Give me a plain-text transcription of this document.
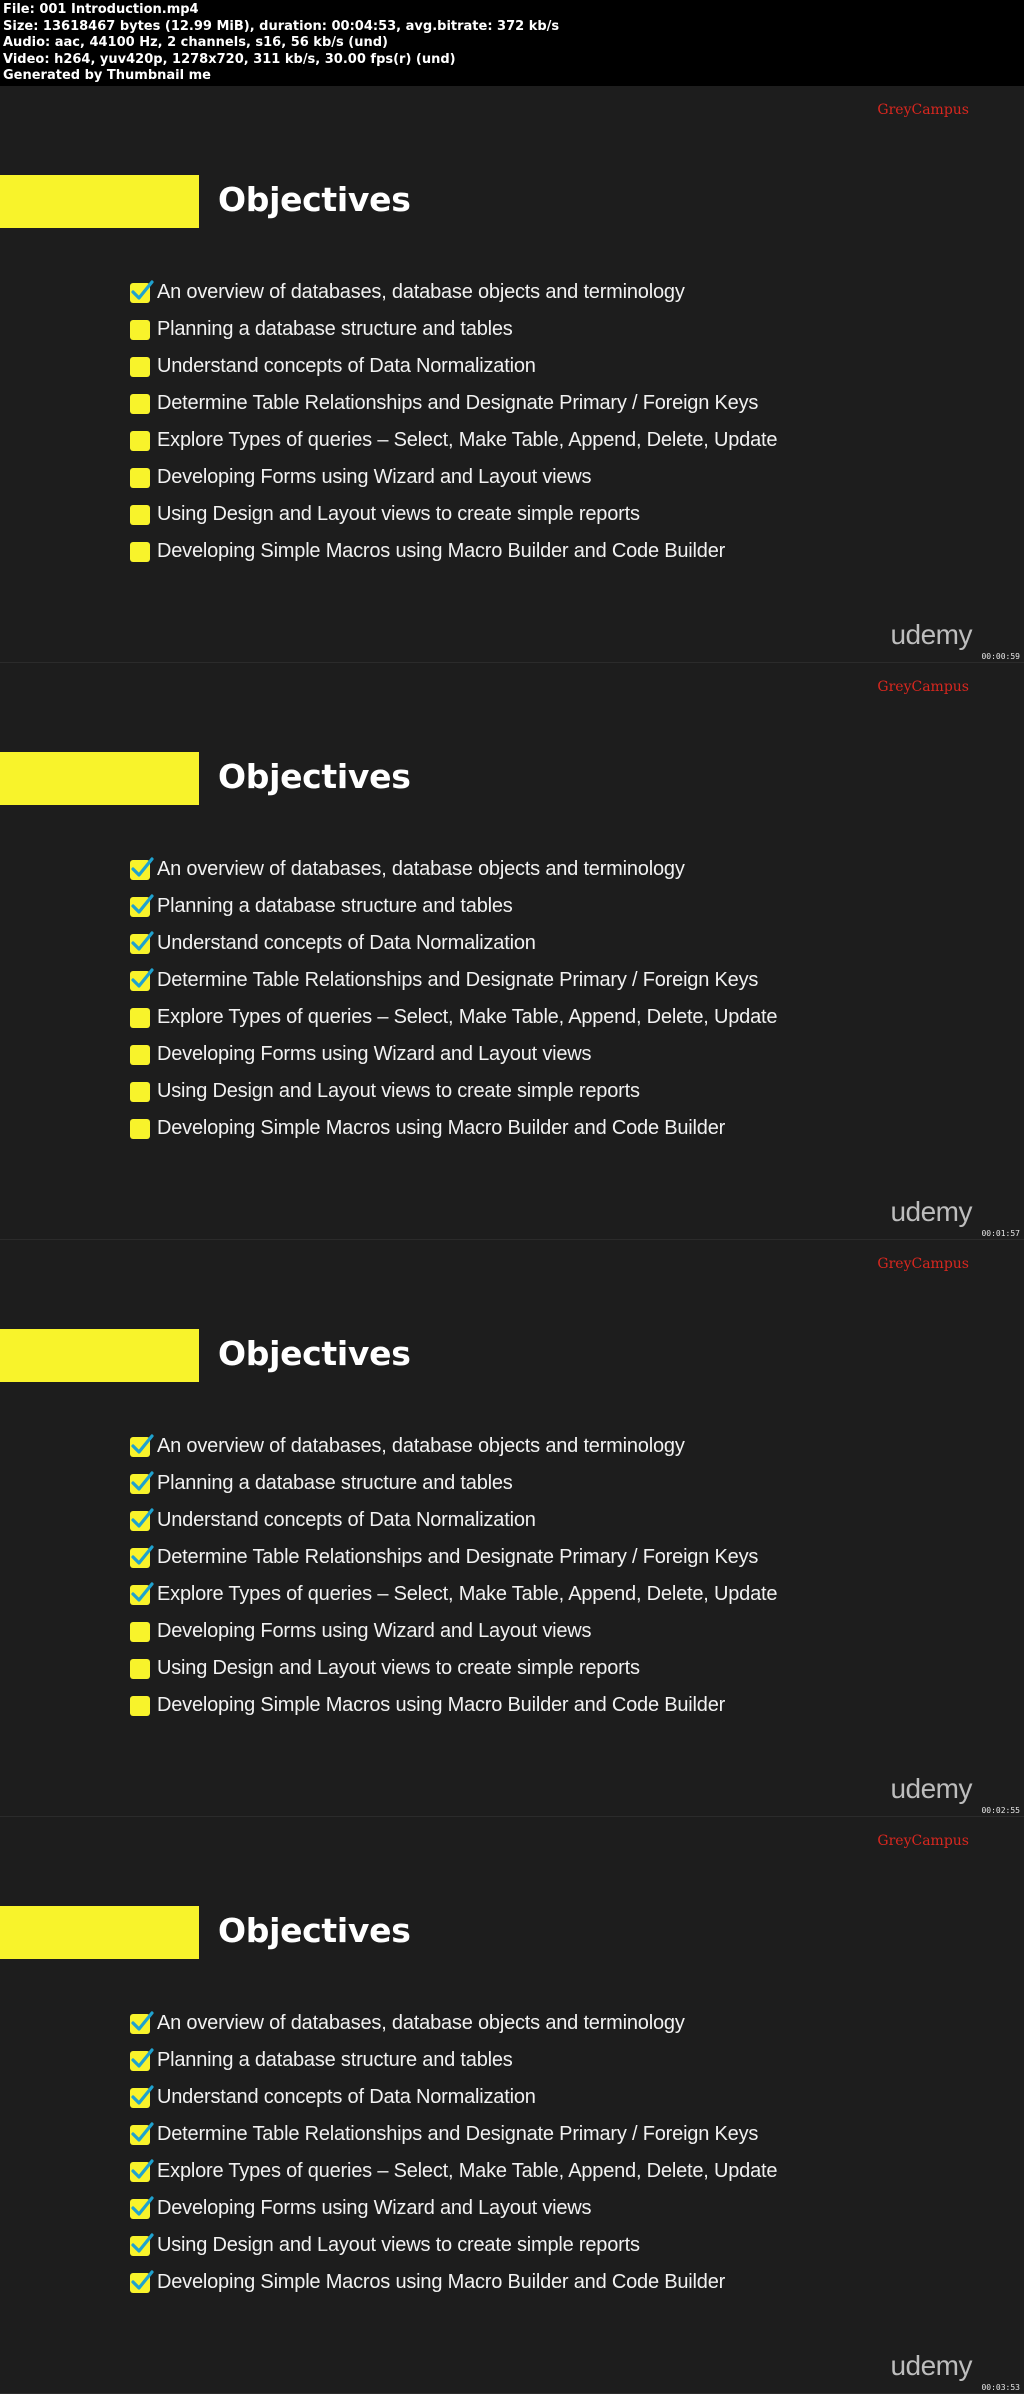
File: 001 Introduction.mp4
Size: 13618467 bytes (12.99 MiB), duration: 00:04:53, avg.bitrate: 372 kb/s
Audio: aac, 44100 Hz, 2 channels, s16, 56 kb/s (und)
Video: h264, yuv420p, 1278x720, 311 kb/s, 30.00 fps(r) (und)
Generated by Thumbnail me
GreyCampus
Objectives
An overview of databases, database objects and terminology
Planning a database structure and tables
Understand concepts of Data Normalization
Determine Table Relationships and Designate Primary / Foreign Keys
Explore Types of queries – Select, Make Table, Append, Delete, Update
Developing Forms using Wizard and Layout views
Using Design and Layout views to create simple reports
Developing Simple Macros using Macro Builder and Code Builder
udemy
00:00:59
GreyCampus
Objectives
An overview of databases, database objects and terminology
Planning a database structure and tables
Understand concepts of Data Normalization
Determine Table Relationships and Designate Primary / Foreign Keys
Explore Types of queries – Select, Make Table, Append, Delete, Update
Developing Forms using Wizard and Layout views
Using Design and Layout views to create simple reports
Developing Simple Macros using Macro Builder and Code Builder
udemy
00:01:57
GreyCampus
Objectives
An overview of databases, database objects and terminology
Planning a database structure and tables
Understand concepts of Data Normalization
Determine Table Relationships and Designate Primary / Foreign Keys
Explore Types of queries – Select, Make Table, Append, Delete, Update
Developing Forms using Wizard and Layout views
Using Design and Layout views to create simple reports
Developing Simple Macros using Macro Builder and Code Builder
udemy
00:02:55
GreyCampus
Objectives
An overview of databases, database objects and terminology
Planning a database structure and tables
Understand concepts of Data Normalization
Determine Table Relationships and Designate Primary / Foreign Keys
Explore Types of queries – Select, Make Table, Append, Delete, Update
Developing Forms using Wizard and Layout views
Using Design and Layout views to create simple reports
Developing Simple Macros using Macro Builder and Code Builder
udemy
00:03:53
